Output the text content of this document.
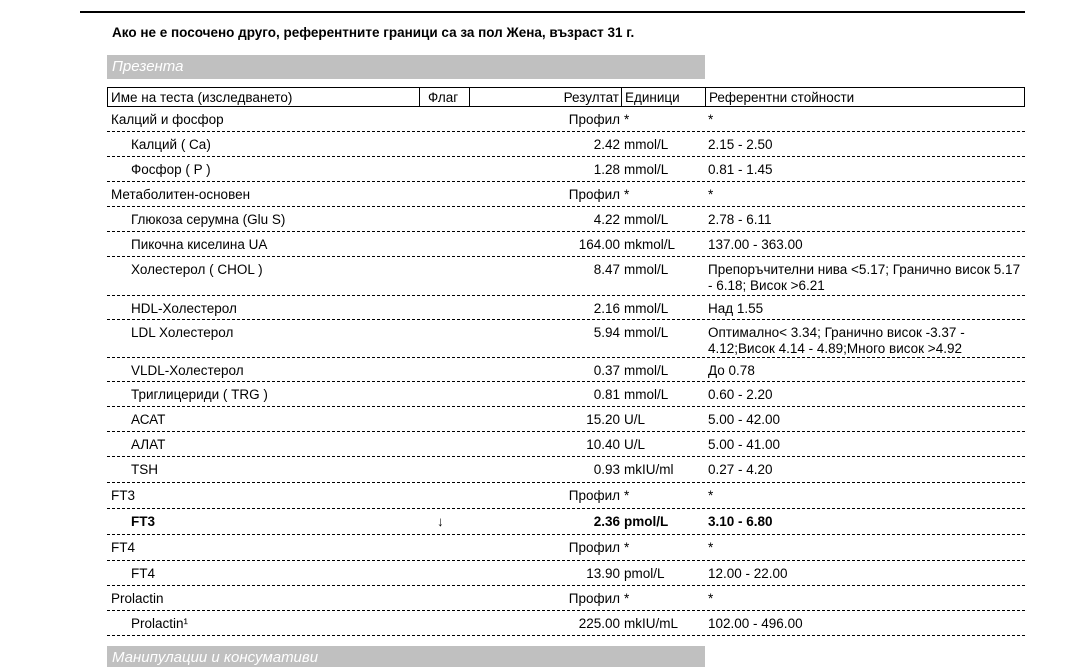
Ако не е посочено друго, референтните граници са за пол Жена, възраст 31 г.
Презента
Име на теста (изследването)	Флаг	Резултат Единици Референтни стойности
Калций и фосфор	Профил *	*
Калций ( Ca)	2.42 mmol/L	2.15 - 2.50
Фосфор ( P )	1.28 mmol/L	0.81 - 1.45
Метаболитен-основен	Профил *	*
Глюкоза серумна (Glu S)	4.22 mmol/L	2.78 - 6.11
Пикочна киселина UA	164.00 mkmol/L 137.00 - 363.00
Холестерол ( CHOL )	8.47 mmol/L	Препоръчителни нива <5.17; Гранично висок 5.17 - 6.18; Висок >6.21
HDL-Холестерол	2.16 mmol/L	Над 1.55
LDL Холестерол	5.94 mmol/L	Оптимално< 3.34; Гранично висок -3.37 - 4.12;Висок 4.14 - 4.89;Много висок >4.92
VLDL-Холестерол	0.37 mmol/L	До 0.78
Триглицериди ( TRG )	0.81 mmol/L	0.60 - 2.20
АСАТ	15.20 U/L	5.00 - 42.00
АЛАТ	10.40 U/L	5.00 - 41.00
TSH	0.93 mkIU/ml	0.27 - 4.20
FT3	Профил *	*
FT3	↓	2.36 pmol/L	3.10 - 6.80
FT4	Профил *	*
FT4	13.90 pmol/L	12.00 - 22.00
Prolactin	Профил *	*
Prolactin¹	225.00 mkIU/mL 102.00 - 496.00
Манипулации и консумативи
